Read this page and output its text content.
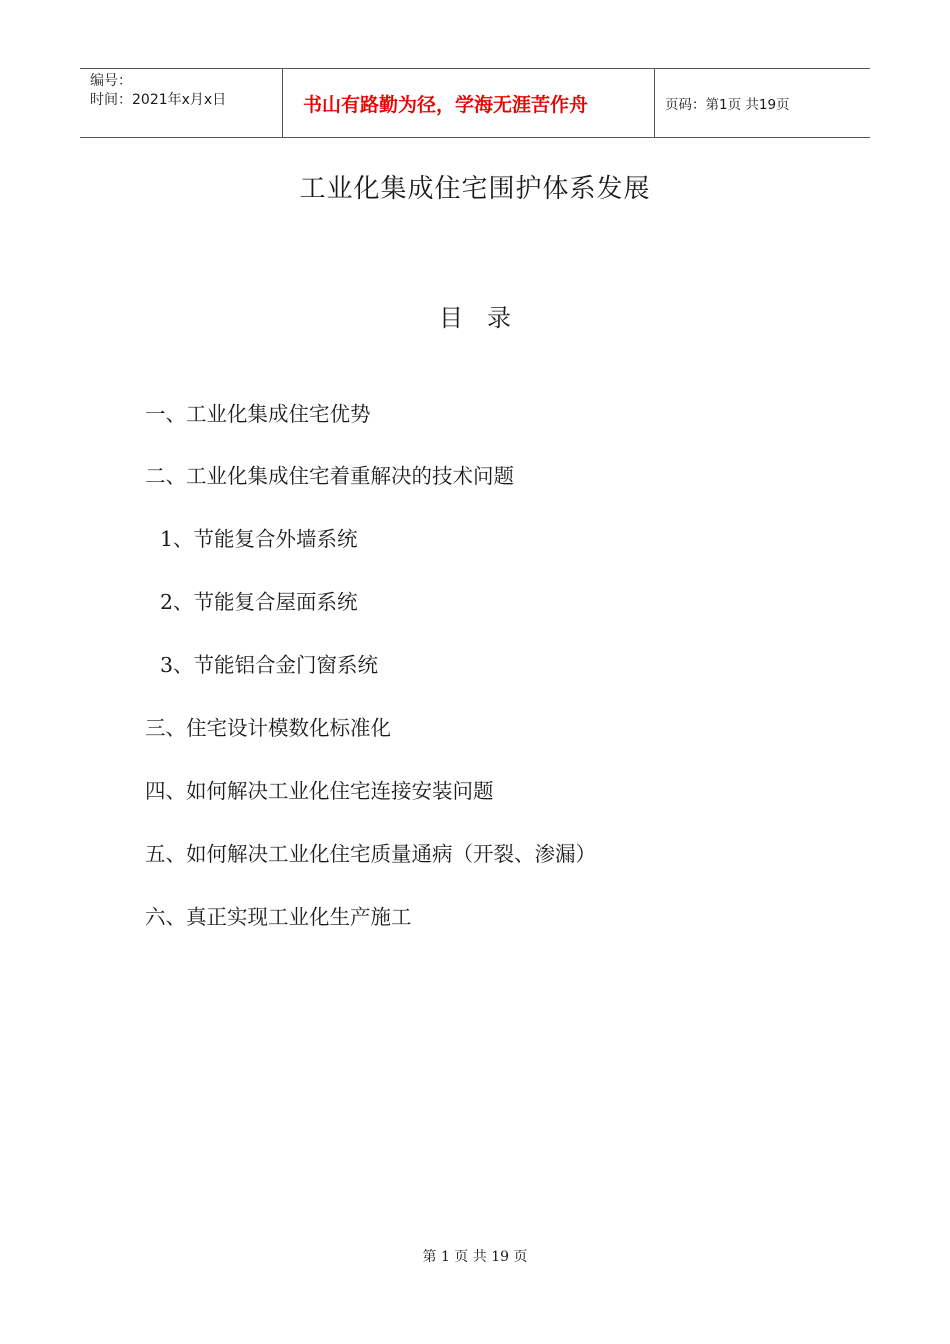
编号：
时间：2021年x月x日	书山有路勤为径，学海无涯苦作舟	页码：第1页 共19页
工业化集成住宅围护体系发展
目 录
一、工业化集成住宅优势
二、工业化集成住宅着重解决的技术问题
1、节能复合外墙系统
2、节能复合屋面系统
3、节能铝合金门窗系统
三、住宅设计模数化标准化
四、如何解决工业化住宅连接安装问题
五、如何解决工业化住宅质量通病（开裂、渗漏）
六、真正实现工业化生产施工
第 1 页 共 19 页
